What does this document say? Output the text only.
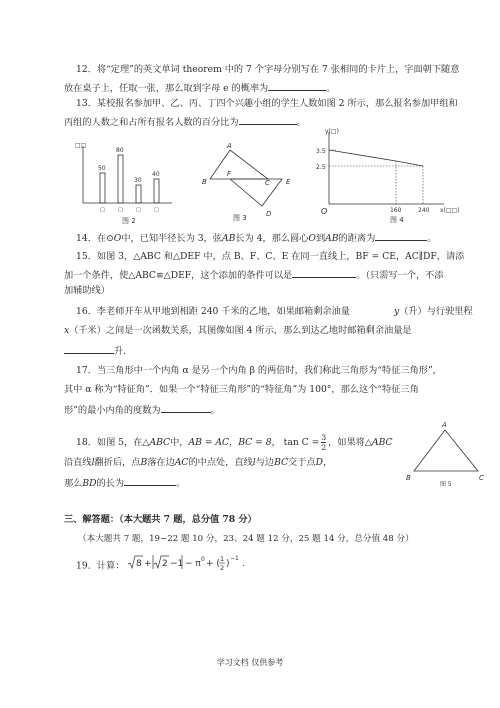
12．将“定理”的英文单词 theorem 中的 7 个字母分别写在 7 张相同的卡片上，字面朝下随意
放在桌子上，任取一张，那么取到字母 e 的概率为	。
13．某校报名参加甲、乙、丙、丁四个兴趣小组的学生人数如图 2 所示，那么报名参加甲组和
丙组的人数之和占所有报名人数的百分比为	。
□□
50
□
80
□
30
□
40
□
图 2
A
B
F
C E
D
图 3
y(□)
3.5
2.5
O	160	240 x(□□)
图 4
14．在⊙O中，已知半径长为 3，弦AB长为 4，那么圆心O到AB的距离为	。
15．如图 3，△ABC 和△DEF 中，点 B、F、C、E 在同一直线上，BF = CE，AC∥DF，请添
加一个条件，使△ABC≌△DEF，这个添加的条件可以是	。（只需写一个，不添
加辅助线）
16．李老师开车从甲地到相距 240 千米的乙地，如果邮箱剩余油量	y（升）与行驶里程
x（千米）之间是一次函数关系，其图像如图 4 所示，那么到达乙地时邮箱剩余油量是
升.
17．当三角形中一个内角 α 是另一个内角 β 的两倍时，我们称此三角形为“特征三角形”，
其中 α 称为“特征角”．如果一个“特征三角形”的“特征角”为 100°，那么这个“特征三角
形”的最小内角的度数为	。
18．如图 5，在△ABC中，AB = AC，BC = 8， $\tan C = \frac{3}{2}$ ，如果将△ABC
沿直线l翻折后，点B落在边AC的中点处，直线l与边BC交于点D，
那么BD的长为	。
A
B	C
图 5
三、解答题：（本大题共 7 题，总分值 78 分）
（本大题共 7 题，19~22 题 10 分，23、24 题 12 分，25 题 14 分，总分值 48 分）
19．计算： 8 + 2 −1 − π 0 + ( 1
2 )
−1
.
学习文档 仅供参考
